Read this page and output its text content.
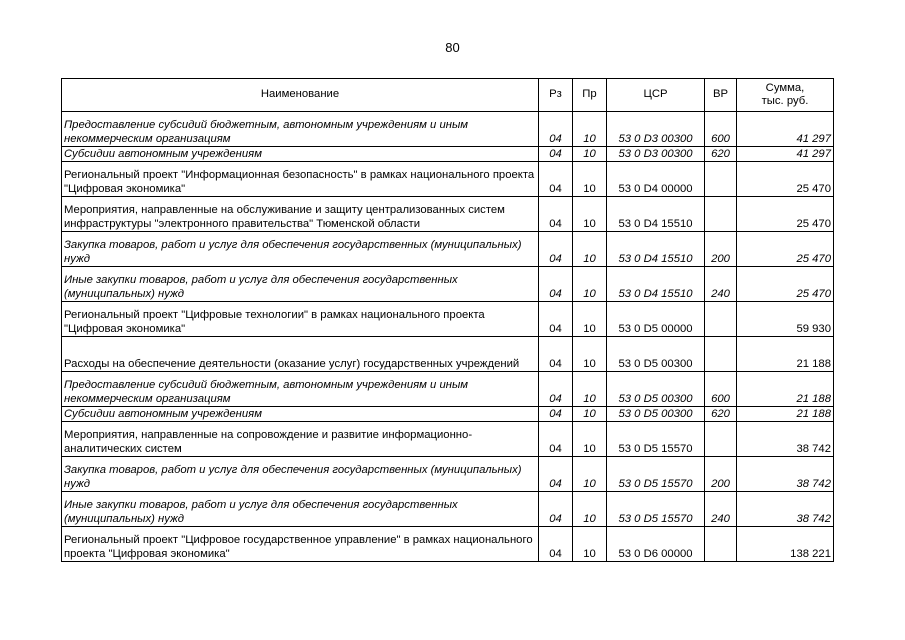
80
Наименование	Рз	Пр	ЦСР	ВР	Сумма,
тыс. руб.
Предоставление субсидий бюджетным, автономным учреждениям и иным некоммерческим организациям	04	10	53 0 D3 00300	600	41 297
Субсидии автономным учреждениям	04	10	53 0 D3 00300	620	41 297
Региональный проект "Информационная безопасность" в рамках национального проекта "Цифровая экономика"	04	10	53 0 D4 00000		25 470
Мероприятия, направленные на обслуживание и защиту централизованных систем инфраструктуры "электронного правительства" Тюменской области	04	10	53 0 D4 15510		25 470
Закупка товаров, работ и услуг для обеспечения государственных (муниципальных) нужд	04	10	53 0 D4 15510	200	25 470
Иные закупки товаров, работ и услуг для обеспечения государственных (муниципальных) нужд	04	10	53 0 D4 15510	240	25 470
Региональный проект "Цифровые технологии" в рамках национального проекта "Цифровая экономика"	04	10	53 0 D5 00000		59 930
Расходы на обеспечение деятельности (оказание услуг) государственных учреждений	04	10	53 0 D5 00300		21 188
Предоставление субсидий бюджетным, автономным учреждениям и иным некоммерческим организациям	04	10	53 0 D5 00300	600	21 188
Субсидии автономным учреждениям	04	10	53 0 D5 00300	620	21 188
Мероприятия, направленные на сопровождение и развитие информационно-аналитических систем	04	10	53 0 D5 15570		38 742
Закупка товаров, работ и услуг для обеспечения государственных (муниципальных) нужд	04	10	53 0 D5 15570	200	38 742
Иные закупки товаров, работ и услуг для обеспечения государственных (муниципальных) нужд	04	10	53 0 D5 15570	240	38 742
Региональный проект "Цифровое государственное управление" в рамках национального проекта "Цифровая экономика"	04	10	53 0 D6 00000		138 221
